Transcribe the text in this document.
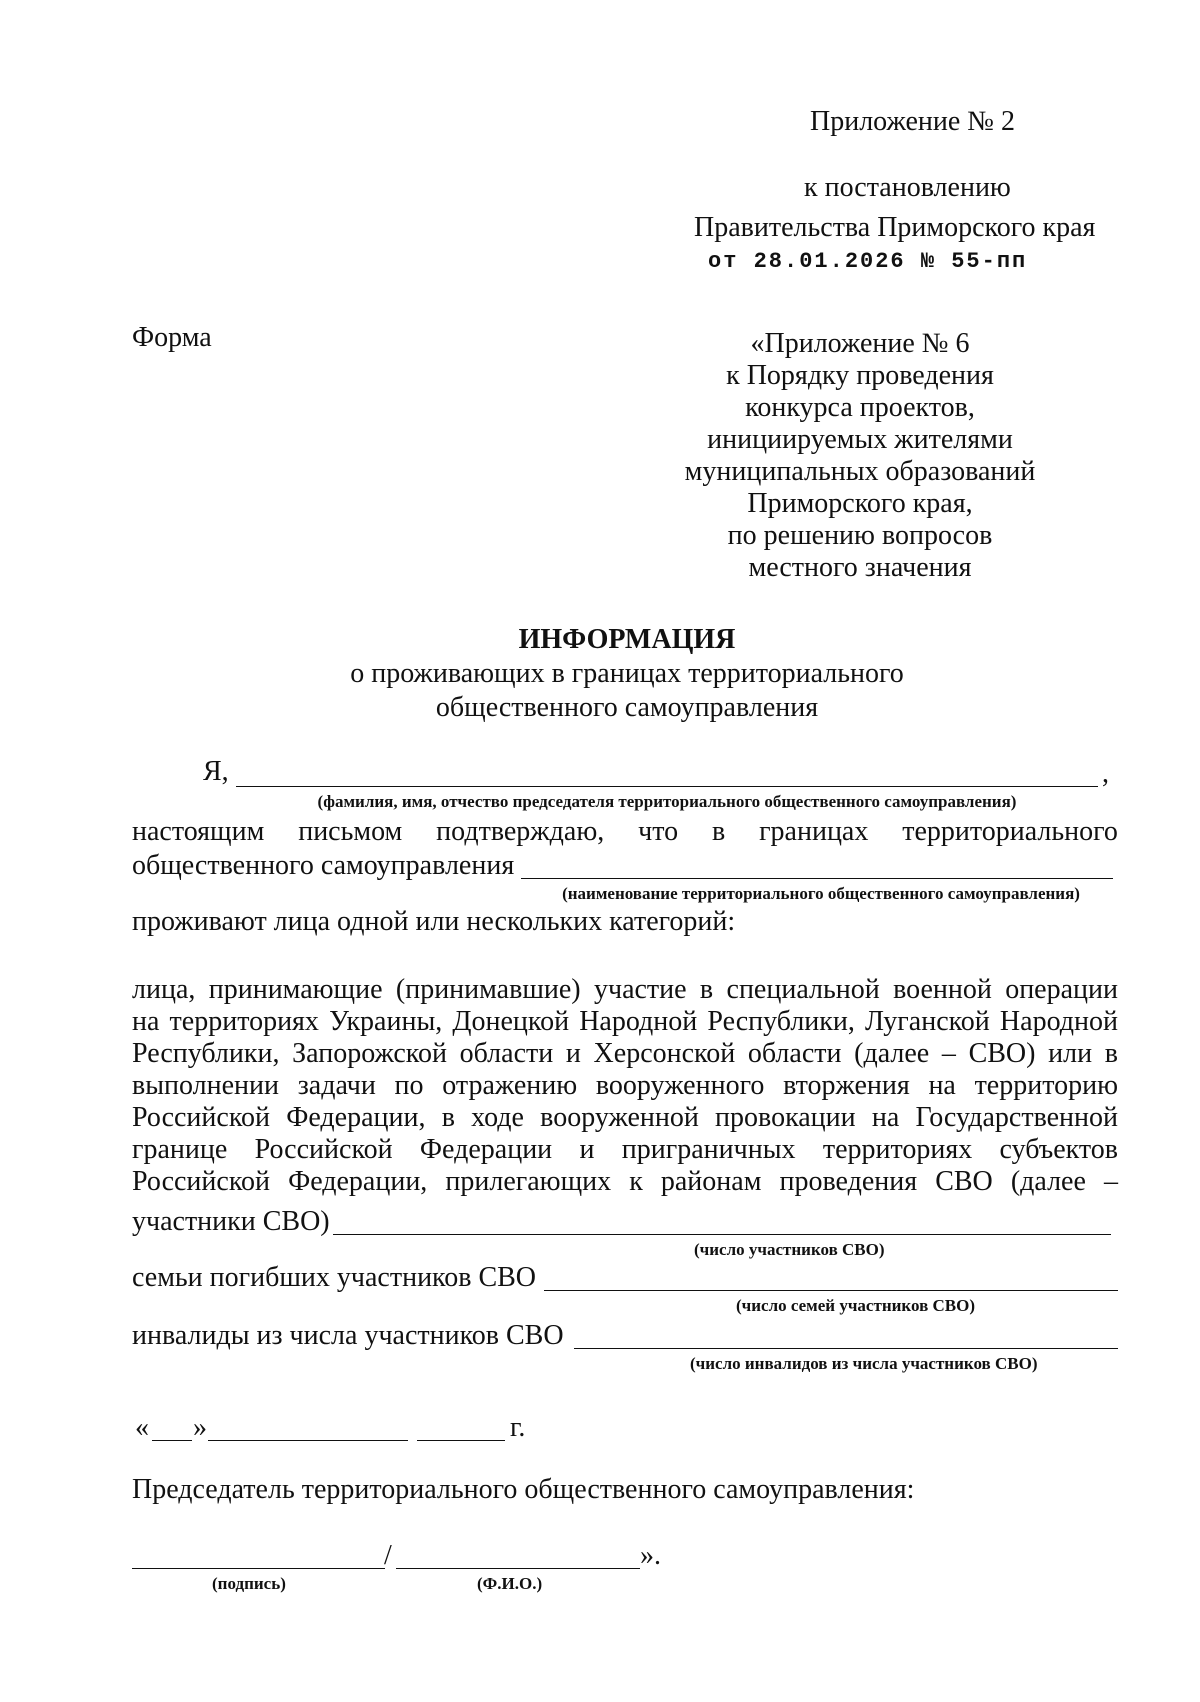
Приложение № 2
к постановлению
Правительства Приморского края
от 28.01.2026 № 55-пп
Форма	«Приложение № 6
к Порядку проведения
конкурса проектов,
инициируемых жителями
муниципальных образований
Приморского края,
по решению вопросов
местного значения
ИНФОРМАЦИЯ
о проживающих в границах территориального
общественного самоуправления
Я,	,
(фамилия, имя, отчество председателя территориального общественного самоуправления)
настоящим письмом подтверждаю, что в границах территориального
общественного самоуправления
(наименование территориального общественного самоуправления)
проживают лица одной или нескольких категорий:
лица, принимающие (принимавшие) участие в специальной военной операции
на территориях Украины, Донецкой Народной Республики, Луганской Народной
Республики, Запорожской области и Херсонской области (далее – СВО) или в
выполнении задачи по отражению вооруженного вторжения на территорию
Российской Федерации, в ходе вооруженной провокации на Государственной
границе Российской Федерации и приграничных территориях субъектов
Российской Федерации, прилегающих к районам проведения СВО (далее –
участники СВО)
(число участников СВО)
семьи погибших участников СВО
(число семей участников СВО)
инвалиды из числа участников СВО
(число инвалидов из числа участников СВО)
« »	г.
Председатель территориального общественного самоуправления:
/	».
(подпись)	(Ф.И.О.)
